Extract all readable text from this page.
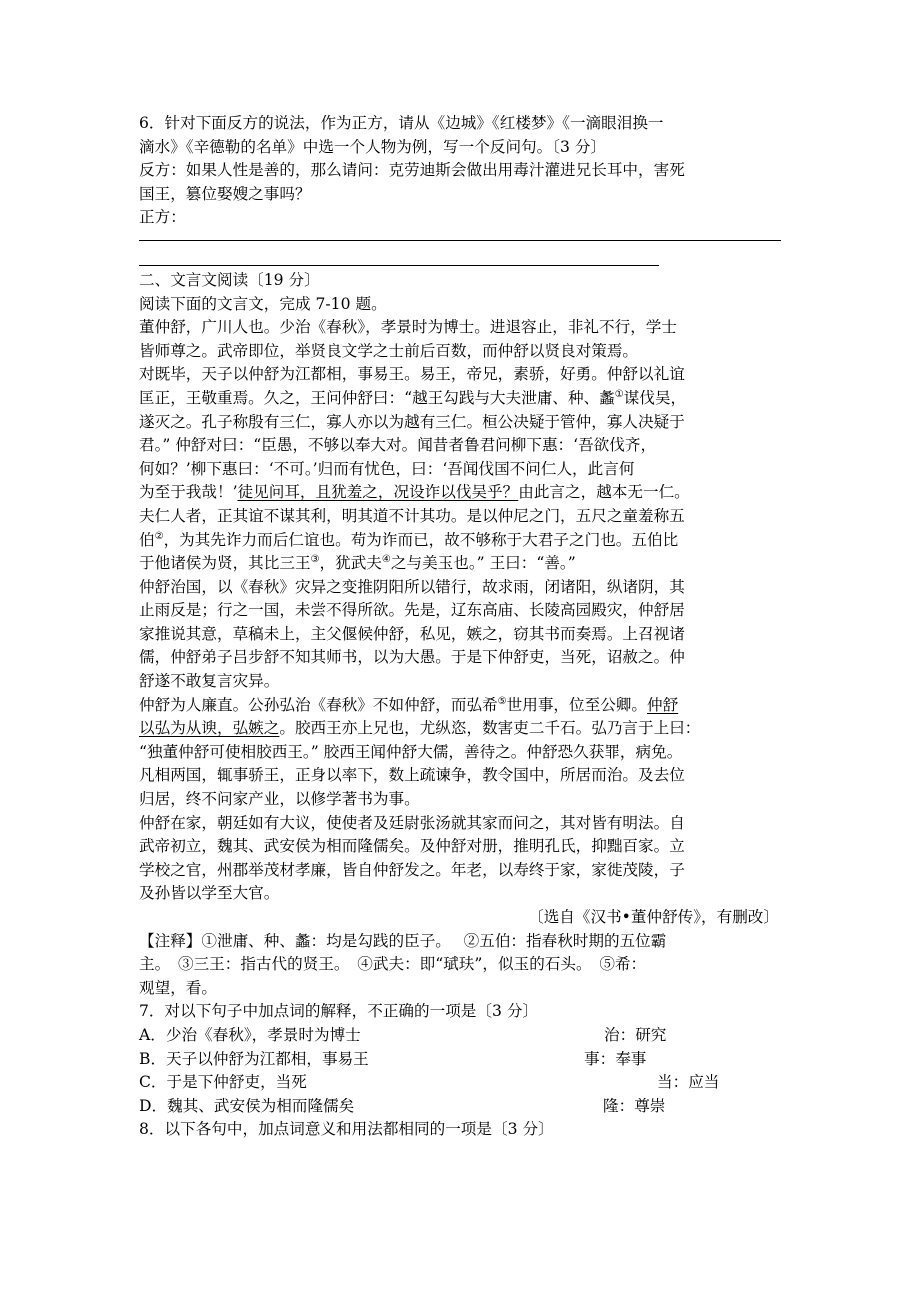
6．针对下面反方的说法，作为正方，请从《边城》《红楼梦》《一滴眼泪换一
滴水》《辛德勒的名单》中选一个人物为例，写一个反问句。〔3 分〕
反方：如果人性是善的，那么请问：克劳迪斯会做出用毒汁灌进兄长耳中，害死
国王，篡位娶嫂之事吗？
正方：
二、文言文阅读〔19 分〕
阅读下面的文言文，完成 7-10 题。
董仲舒，广川人也。少治《春秋》，孝景时为博士。进退容止，非礼不行，学士
皆师尊之。武帝即位，举贤良文学之士前后百数，而仲舒以贤良对策焉。
对既毕，天子以仲舒为江都相，事易王。易王，帝兄，素骄，好勇。仲舒以礼谊
匡正，王敬重焉。久之，王问仲舒曰：“越王勾践与大夫泄庸、种、蠡①谋伐吴，
遂灭之。孔子称殷有三仁，寡人亦以为越有三仁。桓公决疑于管仲，寡人决疑于
君。” 仲舒对曰：“臣愚，不够以奉大对。闻昔者鲁君问柳下惠：‘吾欲伐齐，
何如？’柳下惠曰：‘不可。’归而有忧色，曰：‘吾闻伐国不问仁人，此言何
为至于我哉！’徒见问耳，且犹羞之，况设诈以伐吴乎？由此言之，越本无一仁。
夫仁人者，正其谊不谋其利，明其道不计其功。是以仲尼之门，五尺之童羞称五
伯②，为其先诈力而后仁谊也。苟为诈而已，故不够称于大君子之门也。五伯比
于他诸侯为贤，其比三王③，犹武夫④之与美玉也。” 王曰：“善。”
仲舒治国，以《春秋》灾异之变推阴阳所以错行，故求雨，闭诸阳，纵诸阴，其
止雨反是；行之一国，未尝不得所欲。先是，辽东高庙、长陵高园殿灾，仲舒居
家推说其意，草稿未上，主父偃候仲舒，私见，嫉之，窃其书而奏焉。上召视诸
儒，仲舒弟子吕步舒不知其师书，以为大愚。于是下仲舒吏，当死，诏赦之。仲
舒遂不敢复言灾异。
仲舒为人廉直。公孙弘治《春秋》不如仲舒，而弘希⑤世用事，位至公卿。仲舒
以弘为从谀，弘嫉之。胶西王亦上兄也，尤纵恣，数害吏二千石。弘乃言于上曰：
“独董仲舒可使相胶西王。” 胶西王闻仲舒大儒，善待之。仲舒恐久获罪，病免。
凡相两国，辄事骄王，正身以率下，数上疏谏争，教令国中，所居而治。及去位
归居，终不问家产业，以修学著书为事。
仲舒在家，朝廷如有大议，使使者及廷尉张汤就其家而问之，其对皆有明法。自
武帝初立，魏其、武安侯为相而隆儒矣。及仲舒对册，推明孔氏，抑黜百家。立
学校之官，州郡举茂材孝廉，皆自仲舒发之。年老，以寿终于家，家徙茂陵，子
及孙皆以学至大官。
〔选自《汉书•董仲舒传》，有删改〕
【注释】①泄庸、种、蠡：均是勾践的臣子。　 ②五伯：指春秋时期的五位霸
主。　③三王：指古代的贤王。　④武夫：即“珷玞”，似玉的石头。　⑤希：
观望，看。
7．对以下句子中加点词的解释，不正确的一项是〔3 分〕
A．少治《春秋》，孝景时为博士	治：研究
B．天子以仲舒为江都相，事易王	事：奉事
C．于是下仲舒吏，当死	当：应当
D．魏其、武安侯为相而隆儒矣	隆：尊崇
8．以下各句中，加点词意义和用法都相同的一项是〔3 分〕
